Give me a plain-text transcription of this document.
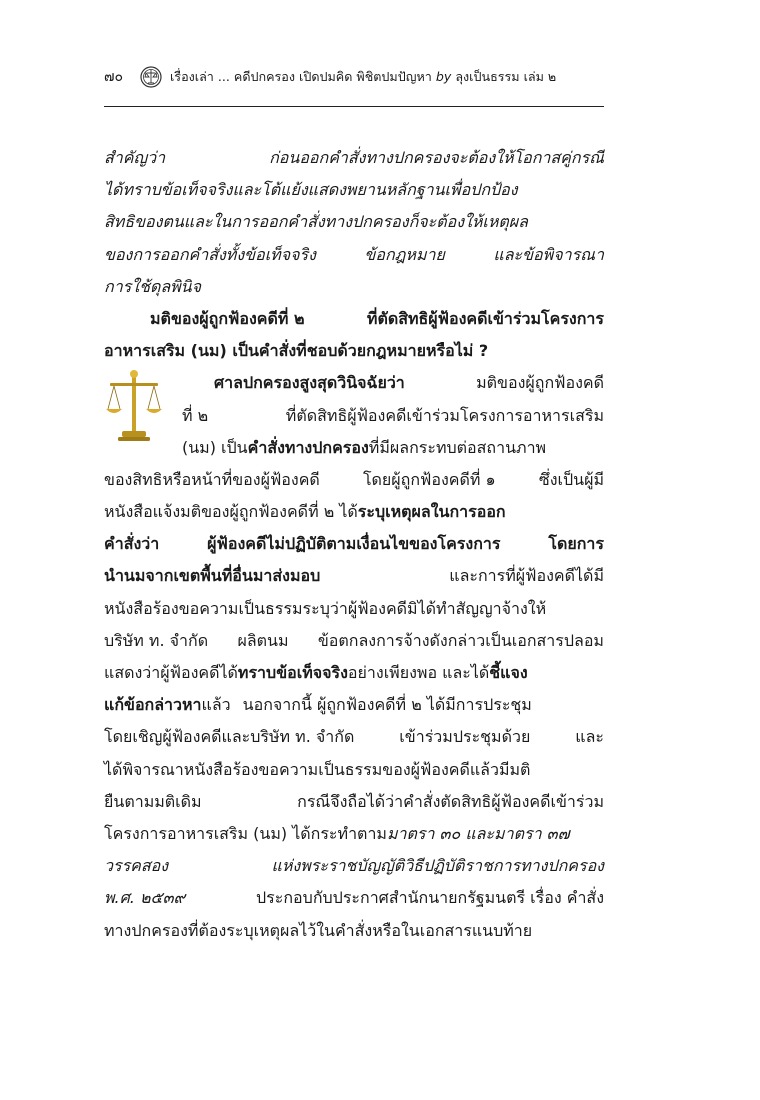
๗๐	เรื่องเล่า ... คดีปกครอง เปิดปมคิด พิชิตปมปัญหา by ลุงเป็นธรรม เล่ม ๒
สำคัญว่า	ก่อนออกคำสั่งทางปกครองจะต้องให้โอกาสคู่กรณี
ได้ทราบข้อเท็จจริงและโต้แย้งแสดงพยานหลักฐานเพื่อปกป้อง
สิทธิของตนและในการออกคำสั่งทางปกครองก็จะต้องให้เหตุผล
ของการออกคำสั่งทั้งข้อเท็จจริง	ข้อกฎหมาย	และข้อพิจารณา
การใช้ดุลพินิจ
มติของผู้ถูกฟ้องคดีที่ ๒	ที่ตัดสิทธิผู้ฟ้องคดีเข้าร่วมโครงการ
อาหารเสริม (นม) เป็นคำสั่งที่ชอบด้วยกฎหมายหรือไม่ ?
ศาลปกครองสูงสุดวินิจฉัยว่า	มติของผู้ถูกฟ้องคดี
ที่ ๒	ที่ตัดสิทธิผู้ฟ้องคดีเข้าร่วมโครงการอาหารเสริม
(นม) เป็น คำสั่งทางปกครอง ที่มีผลกระทบต่อสถานภาพ
ของสิทธิหรือหน้าที่ของผู้ฟ้องคดี	โดยผู้ถูกฟ้องคดีที่ ๑	ซึ่งเป็นผู้มี
หนังสือแจ้งมติของผู้ถูกฟ้องคดีที่ ๒ ได้ ระบุเหตุผลในการออก
คำสั่งว่า	ผู้ฟ้องคดีไม่ปฏิบัติตามเงื่อนไขของโครงการ	โดยการ
นำนมจากเขตพื้นที่อื่นมาส่งมอบ	และการที่ผู้ฟ้องคดีได้มี
หนังสือร้องขอความเป็นธรรมระบุว่าผู้ฟ้องคดีมิได้ทำสัญญาจ้างให้
บริษัท ท. จำกัด ผลิตนม ข้อตกลงการจ้างดังกล่าวเป็นเอกสารปลอม
แสดงว่าผู้ฟ้องคดีได้ ทราบข้อเท็จจริง อย่างเพียงพอ และได้ ชี้แจง
แก้ข้อกล่าวหา แล้ว นอกจากนี้ ผู้ถูกฟ้องคดีที่ ๒ ได้มีการประชุม
โดยเชิญผู้ฟ้องคดีและบริษัท ท. จำกัด	เข้าร่วมประชุมด้วย	และ
ได้พิจารณาหนังสือร้องขอความเป็นธรรมของผู้ฟ้องคดีแล้วมีมติ
ยืนตามมติเดิม	กรณีจึงถือได้ว่าคำสั่งตัดสิทธิผู้ฟ้องคดีเข้าร่วม
โครงการอาหารเสริม (นม) ได้กระทำตาม มาตรา ๓๐ และมาตรา ๓๗
วรรคสอง	แห่งพระราชบัญญัติวิธีปฏิบัติราชการทางปกครอง
พ.ศ. ๒๕๓๙	ประกอบกับประกาศสำนักนายกรัฐมนตรี เรื่อง คำสั่ง
ทางปกครองที่ต้องระบุเหตุผลไว้ในคำสั่งหรือในเอกสารแนบท้าย
